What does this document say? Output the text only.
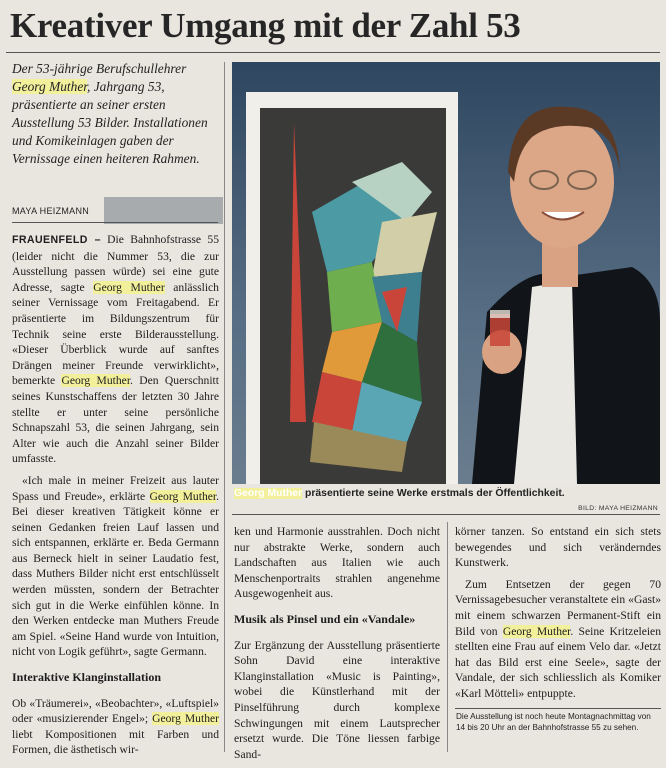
Kreativer Umgang mit der Zahl 53
Der 53-jährige Berufschullehrer Georg Muther, Jahrgang 53, präsentierte an seiner ersten Ausstellung 53 Bilder. Installationen und Komikeinlagen gaben der Vernissage einen heiteren Rahmen.
MAYA HEIZMANN

FRAUENFELD – Die Bahnhofstrasse 55 (leider nicht die Nummer 53, die zur Ausstellung passen würde) sei eine gute Adresse, sagte Georg Muther anlässlich seiner Vernissage vom Freitagabend. Er präsentierte im Bildungszentrum für Technik seine erste Bilderausstellung. «Dieser Überblick wurde auf sanftes Drängen meiner Freunde verwirklicht», bemerkte Georg Muther. Den Querschnitt seines Kunstschaffens der letzten 30 Jahre stellte er unter seine persönliche Schnapszahl 53, die seinen Jahrgang, sein Alter wie auch die Anzahl seiner Bilder umfasste.

«Ich male in meiner Freizeit aus lauter Spass und Freude», erklärte Georg Muther. Bei dieser kreativen Tätigkeit könne er seinen Gedanken freien Lauf lassen und sich entspannen, erklärte er. Beda Germann aus Berneck hielt in seiner Laudatio fest, dass Muthers Bilder nicht erst entschlüsselt werden müssten, sondern der Betrachter sich gut in die Werke einfühlen könne. In den Werken entdecke man Muthers Freude am Spiel. «Seine Hand wurde von Intuition, nicht von Logik geführt», sagte Germann.

Interaktive Klanginstallation

Ob «Träumerei», «Beobachter», «Luftspiel» oder «musizierender Engel»; Georg Muther liebt Kompositionen mit Farben und Formen, die ästhetisch wir-

Georg Muther präsentierte seine Werke erstmals der Öffentlichkeit.
BILD: MAYA HEIZMANN

ken und Harmonie ausstrahlen. Doch nicht nur abstrakte Werke, sondern auch Landschaften aus Italien wie auch Menschenportraits strahlen angenehme Ausgewogenheit aus.

Musik als Pinsel und ein «Vandale»

Zur Ergänzung der Ausstellung präsentierte Sohn David eine interaktive Klanginstallation «Music is Painting», wobei die Künstlerhand mit der Pinselführung durch komplexe Schwingungen mit einem Lautsprecher ersetzt wurde. Die Töne liessen farbige Sand-

körner tanzen. So entstand ein sich stets bewegendes und sich veränderndes Kunstwerk.

Zum Entsetzen der gegen 70 Vernissagebesucher veranstaltete ein «Gast» mit einem schwarzen Permanent-Stift ein Bild von Georg Muther. Seine Kritzeleien stellten eine Frau auf einem Velo dar. «Jetzt hat das Bild erst eine Seele», sagte der Vandale, der sich schliesslich als Komiker «Karl Mötteli» entpuppte.

Die Ausstellung ist noch heute Montagnachmittag von 14 bis 20 Uhr an der Bahnhofstrasse 55 zu sehen.
